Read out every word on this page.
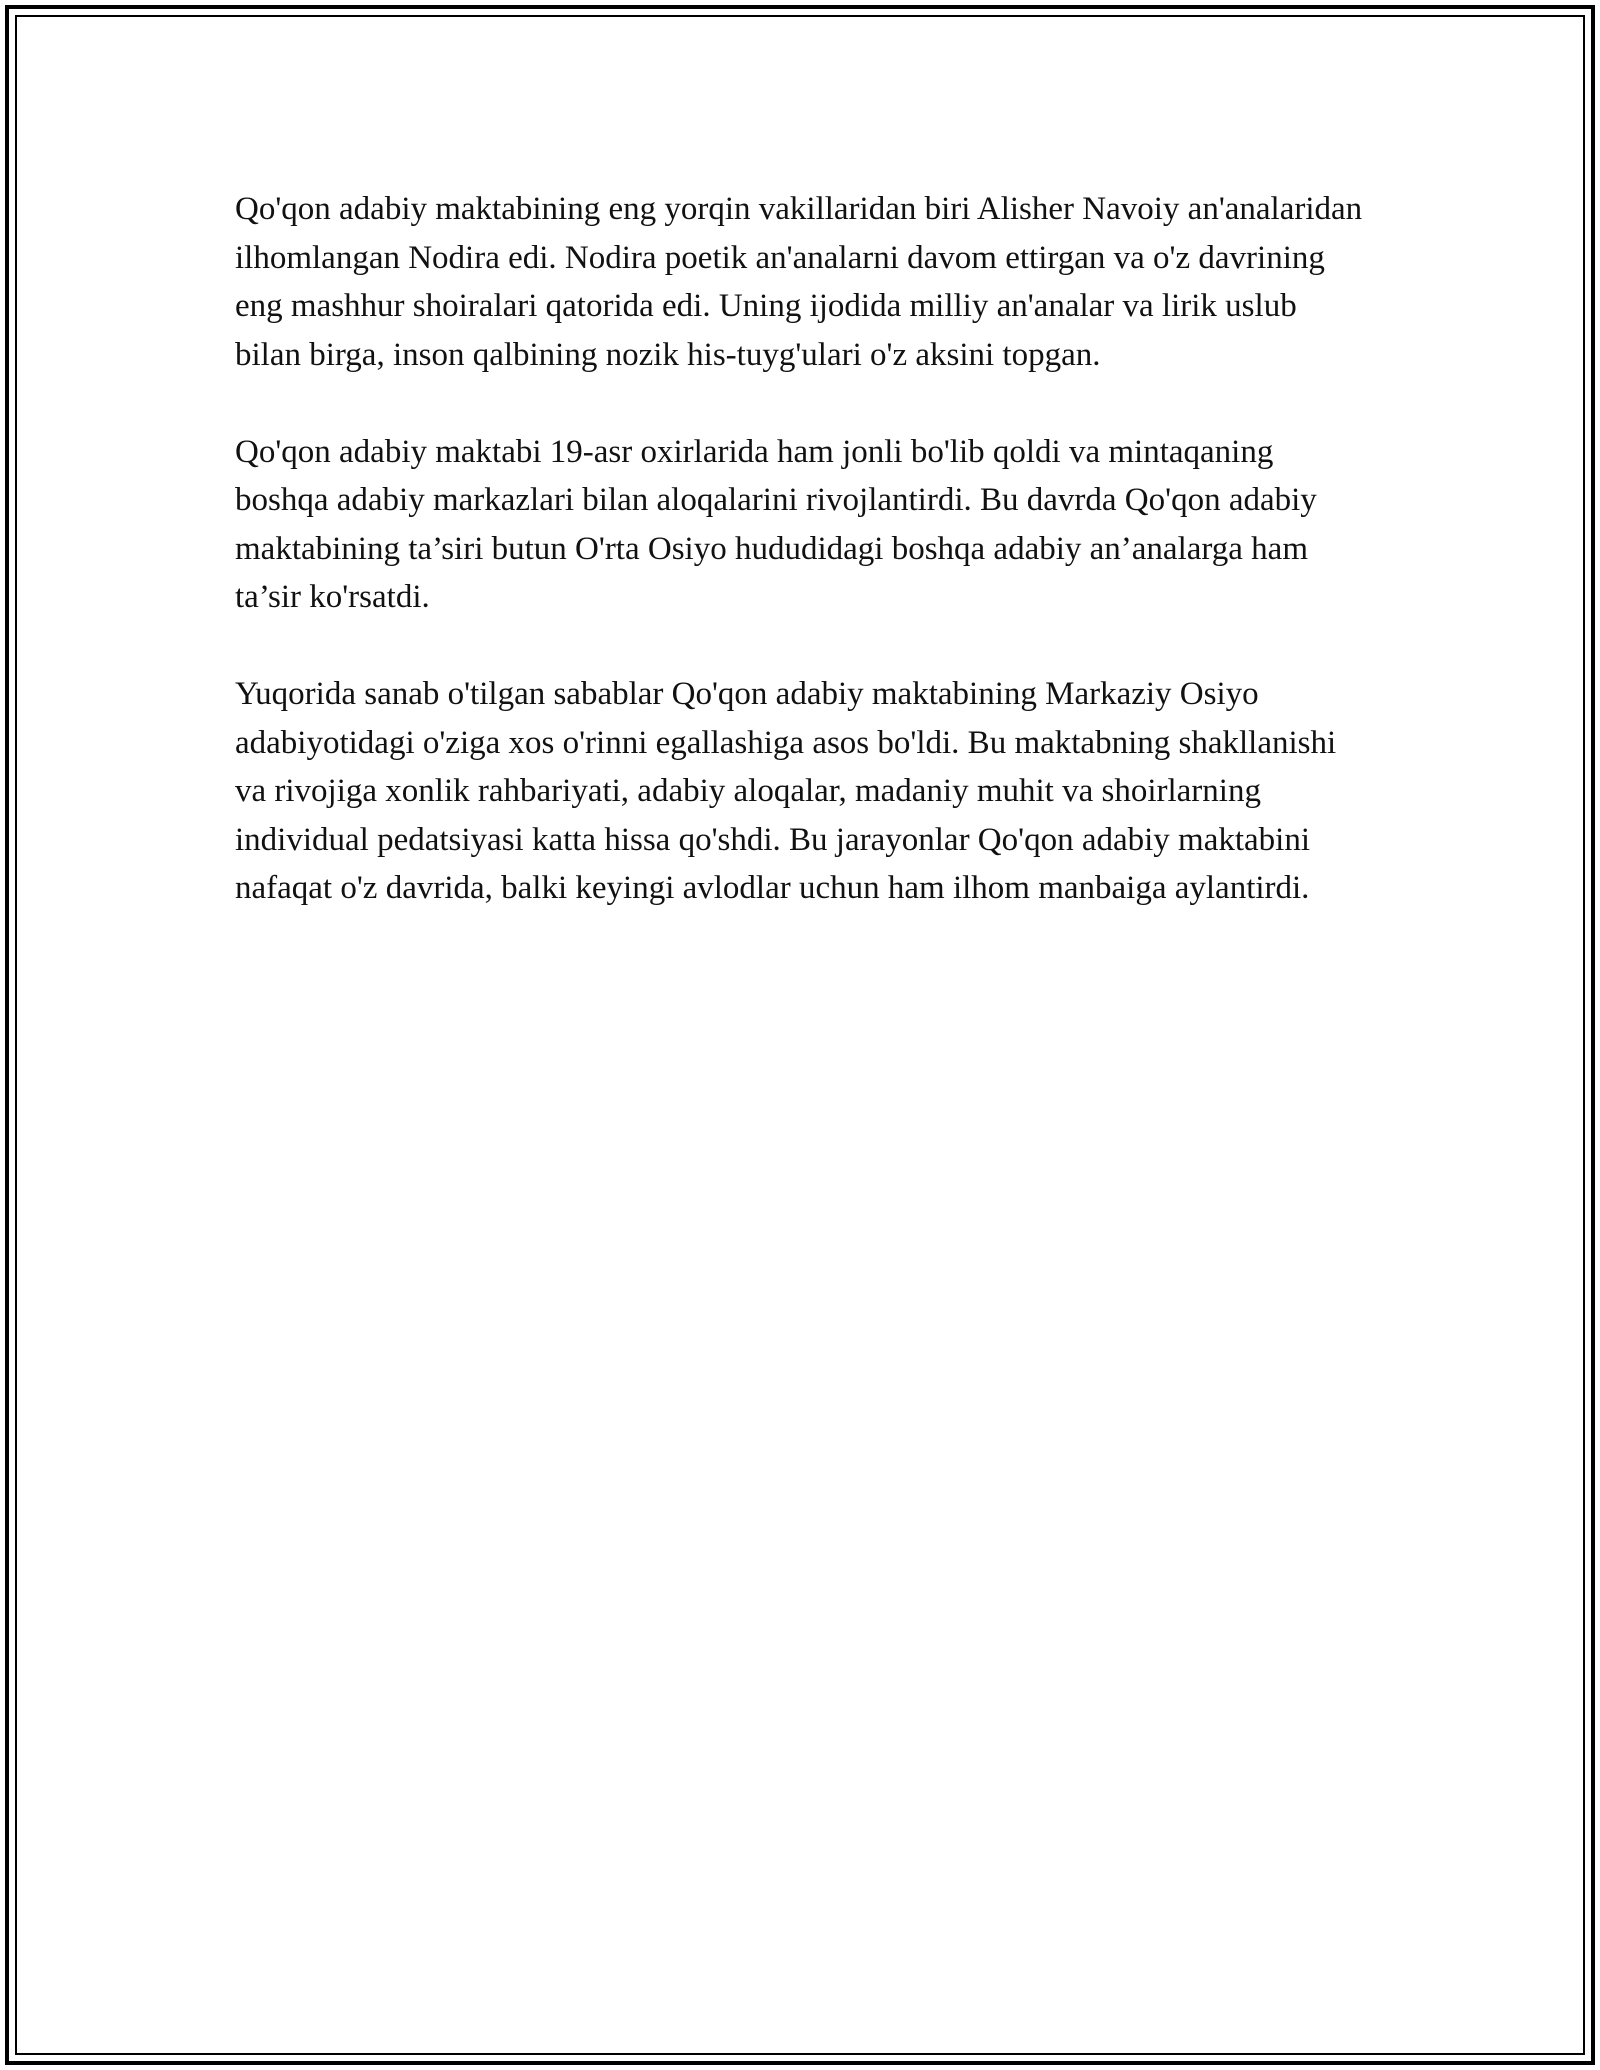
Qo'qon adabiy maktabining eng yorqin vakillaridan biri Alisher Navoiy an'analaridan ilhomlangan Nodira edi. Nodira poetik an'analarni davom ettirgan va o'z davrining eng mashhur shoiralari qatorida edi. Uning ijodida milliy an'analar va lirik uslub bilan birga, inson qalbining nozik his-tuyg'ulari o'z aksini topgan.

Qo'qon adabiy maktabi 19-asr oxirlarida ham jonli bo'lib qoldi va mintaqaning boshqa adabiy markazlari bilan aloqalarini rivojlantirdi. Bu davrda Qo'qon adabiy maktabining ta’siri butun O'rta Osiyo hududidagi boshqa adabiy an’analarga ham ta’sir ko'rsatdi.

Yuqorida sanab o'tilgan sabablar Qo'qon adabiy maktabining Markaziy Osiyo adabiyotidagi o'ziga xos o'rinni egallashiga asos bo'ldi. Bu maktabning shakllanishi va rivojiga xonlik rahbariyati, adabiy aloqalar, madaniy muhit va shoirlarning individual pedatsiyasi katta hissa qo'shdi. Bu jarayonlar Qo'qon adabiy maktabini nafaqat o'z davrida, balki keyingi avlodlar uchun ham ilhom manbaiga aylantirdi.
